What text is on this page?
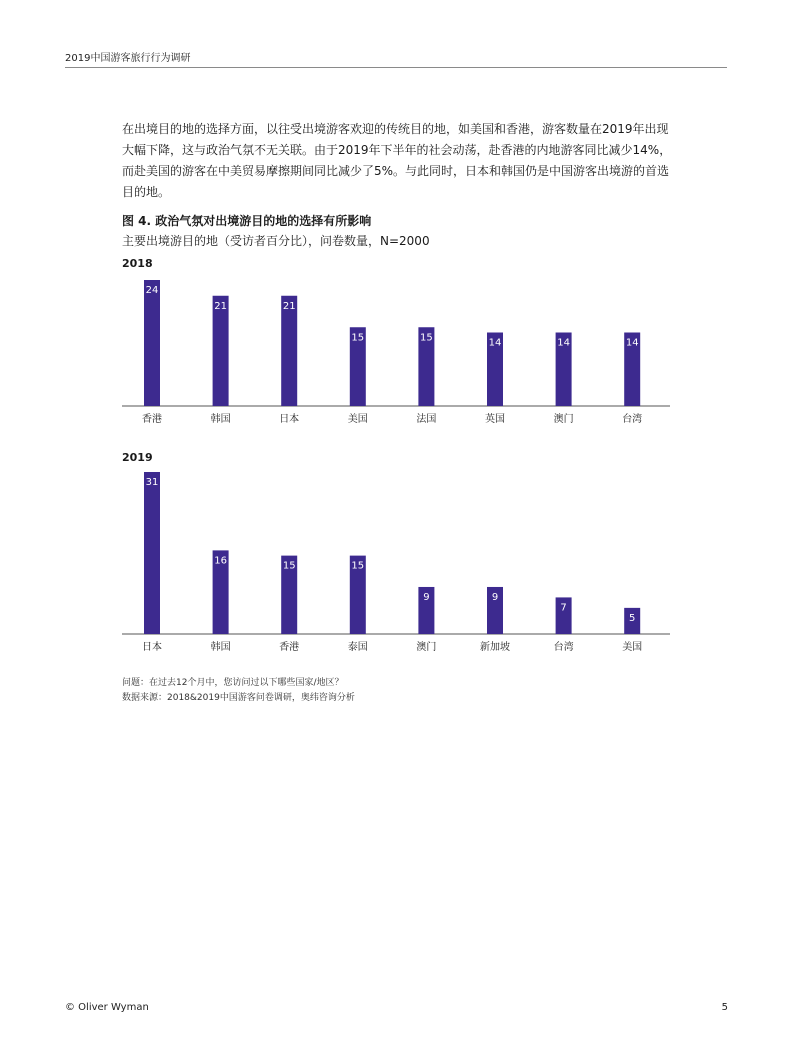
2019中国游客旅行行为调研
在出境目的地的选择方面，以往受出境游客欢迎的传统目的地，如美国和香港，游客数量在2019年出现大幅下降，这与政治气氛不无关联。由于2019年下半年的社会动荡，赴香港的内地游客同比减少14%，而赴美国的游客在中美贸易摩擦期间同比减少了5%。与此同时，日本和韩国仍是中国游客出境游的首选目的地。
图 4. 政治气氛对出境游目的地的选择有所影响
主要出境游目的地（受访者百分比），问卷数量，N=2000
2018
24
香港
21
韩国
21
日本
15
美国
15
法国
14
英国
14
澳门
14
台湾
2019
31
日本
16
韩国
15
香港
15
泰国
9
澳门
9
新加坡
7
台湾
5
美国
问题：在过去12个月中，您访问过以下哪些国家/地区？
数据来源：2018&2019中国游客问卷调研，奥纬咨询分析
© Oliver Wyman	5
